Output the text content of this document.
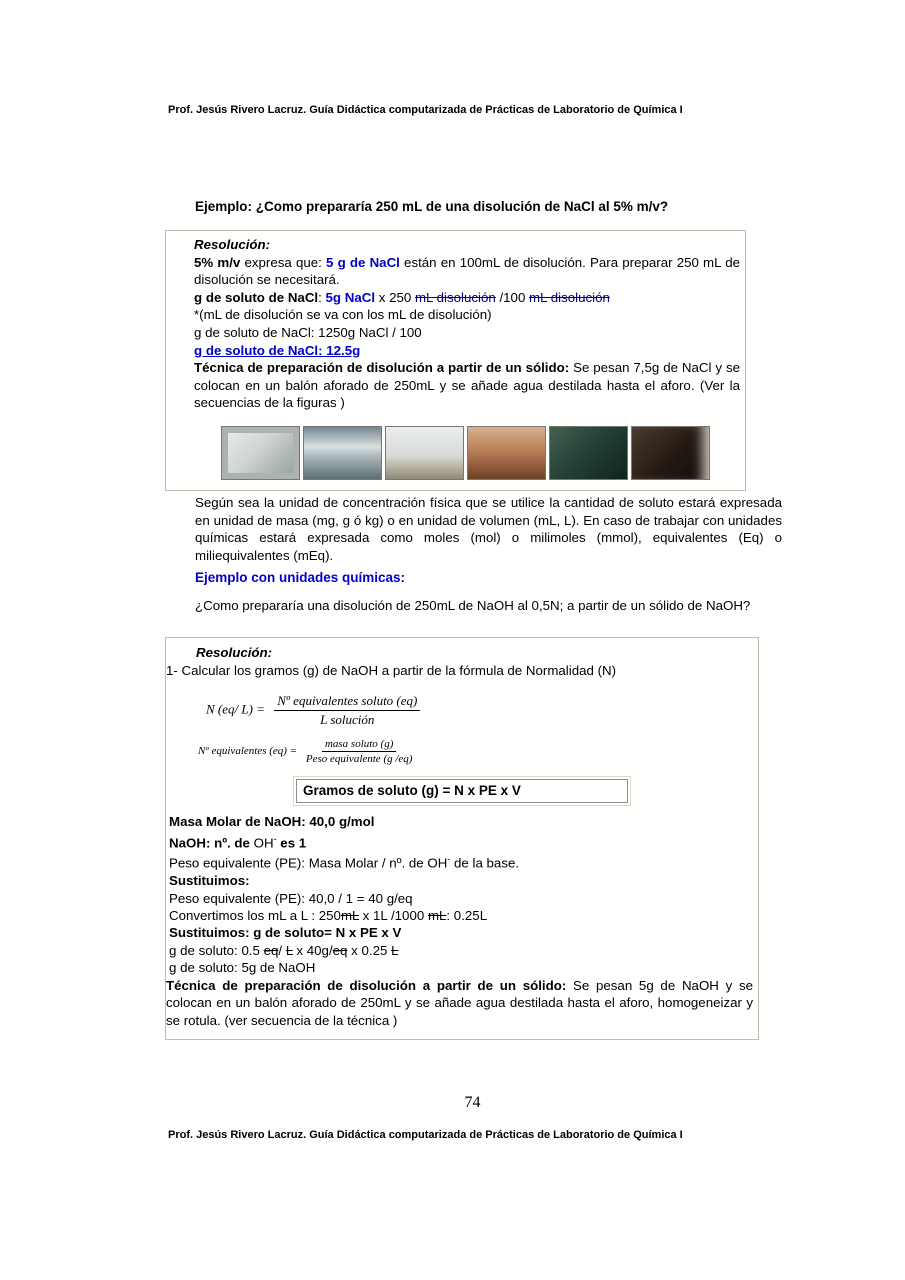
Prof. Jesús Rivero Lacruz. Guía Didáctica computarizada de Prácticas de Laboratorio de Química I
Ejemplo: ¿Como prepararía 250 mL de una disolución de NaCl al 5% m/v?

Resolución:

5% m/v expresa que: 5 g de NaCl están en 100mL de disolución. Para preparar 250 mL de disolución se necesitará.

g de soluto de NaCl: 5g NaCl x 250 mL disolución /100 mL disolución

*(mL de disolución se va con los mL de disolución)

g de soluto de NaCl: 1250g NaCl / 100

g de soluto de NaCl: 12.5g

Técnica de preparación de disolución a partir de un sólido: Se pesan 7,5g de NaCl y se colocan en un balón aforado de 250mL y se añade agua destilada hasta el aforo. (Ver la secuencias de la figuras )

Según sea la unidad de concentración física que se utilice la cantidad de soluto estará expresada en unidad de masa (mg, g ó kg) o en unidad de volumen (mL, L). En caso de trabajar con unidades químicas estará expresada como moles (mol) o milimoles (mmol), equivalentes (Eq) o miliequivalentes (mEq).

Ejemplo con unidades químicas:

¿Como prepararía una disolución de 250mL de NaOH al 0,5N; a partir de un sólido de NaOH?

Resolución:

1- Calcular los gramos (g) de NaOH a partir de la fórmula de Normalidad (N)

N (eq/ $L) = \frac{\text{Nº equivalentes soluto (eq)}}{\text{L solución}}$
Nº equivalentes $(eq) = \frac{\text{masa soluto (g)}}{\text{Peso equivalente (g /eq)}}$
Gramos de soluto (g) = N x PE x V
Masa Molar de NaOH: 40,0 g/mol
NaOH: nº. de OH- es 1
Peso equivalente (PE): Masa Molar / nº. de OH- de la base.
Sustituimos:
Peso equivalente (PE): 40,0 / 1 = 40 g/eq
Convertimos los mL a L : 250mL x 1L /1000 mL: 0.25L
Sustituimos: g de soluto= N x PE x V
g de soluto: 0.5 eq/ L x 40g/eq x 0.25 L
g de soluto: 5g de NaOH

Técnica de preparación de disolución a partir de un sólido: Se pesan 5g de NaOH y se colocan en un balón aforado de 250mL y se añade agua destilada hasta el aforo, homogeneizar y se rotula. (ver secuencia de la técnica )

74
Prof. Jesús Rivero Lacruz. Guía Didáctica computarizada de Prácticas de Laboratorio de Química I
